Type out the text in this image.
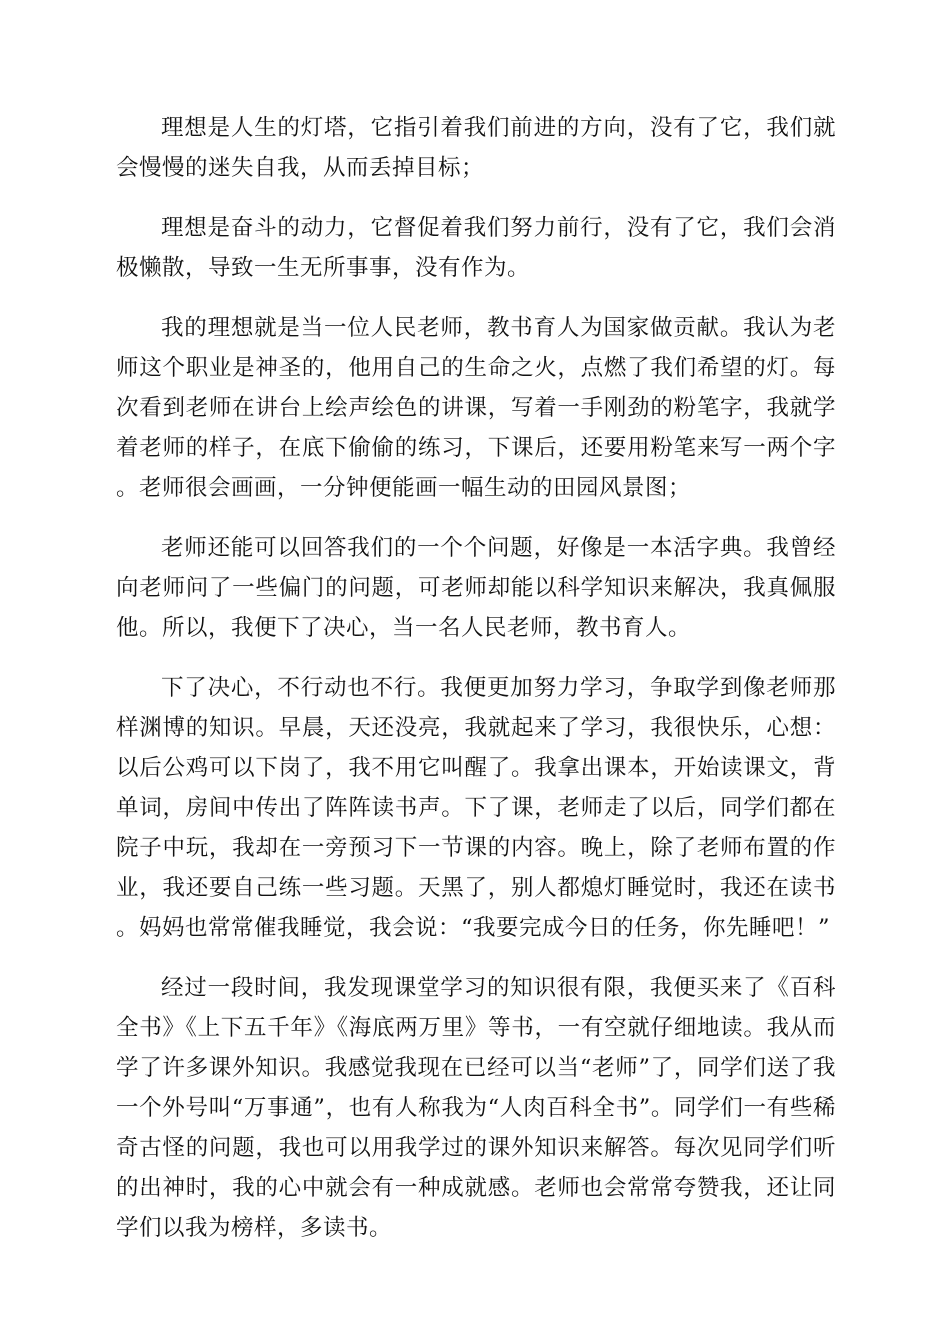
理想是人生的灯塔，它指引着我们前进的方向，没有了它，我们就会慢慢的迷失自我，从而丢掉目标；

理想是奋斗的动力，它督促着我们努力前行，没有了它，我们会消极懒散，导致一生无所事事，没有作为。

我的理想就是当一位人民老师，教书育人为国家做贡献。我认为老师这个职业是神圣的，他用自己的生命之火，点燃了我们希望的灯。每次看到老师在讲台上绘声绘色的讲课，写着一手刚劲的粉笔字，我就学着老师的样子，在底下偷偷的练习，下课后，还要用粉笔来写一两个字。老师很会画画，一分钟便能画一幅生动的田园风景图；

老师还能可以回答我们的一个个问题，好像是一本活字典。我曾经向老师问了一些偏门的问题，可老师却能以科学知识来解决，我真佩服他。所以，我便下了决心，当一名人民老师，教书育人。

下了决心，不行动也不行。我便更加努力学习，争取学到像老师那样渊博的知识。早晨，天还没亮，我就起来了学习，我很快乐，心想：以后公鸡可以下岗了，我不用它叫醒了。我拿出课本，开始读课文，背单词，房间中传出了阵阵读书声。下了课，老师走了以后，同学们都在院子中玩，我却在一旁预习下一节课的内容。晚上，除了老师布置的作业，我还要自己练一些习题。天黑了，别人都熄灯睡觉时，我还在读书。妈妈也常常催我睡觉，我会说：“我要完成今日的任务，你先睡吧！”

经过一段时间，我发现课堂学习的知识很有限，我便买来了《百科全书》《上下五千年》《海底两万里》等书，一有空就仔细地读。我从而学了许多课外知识。我感觉我现在已经可以当“老师”了，同学们送了我一个外号叫“万事通”，也有人称我为“人肉百科全书”。同学们一有些稀奇古怪的问题，我也可以用我学过的课外知识来解答。每次见同学们听的出神时，我的心中就会有一种成就感。老师也会常常夸赞我，还让同学们以我为榜样，多读书。
